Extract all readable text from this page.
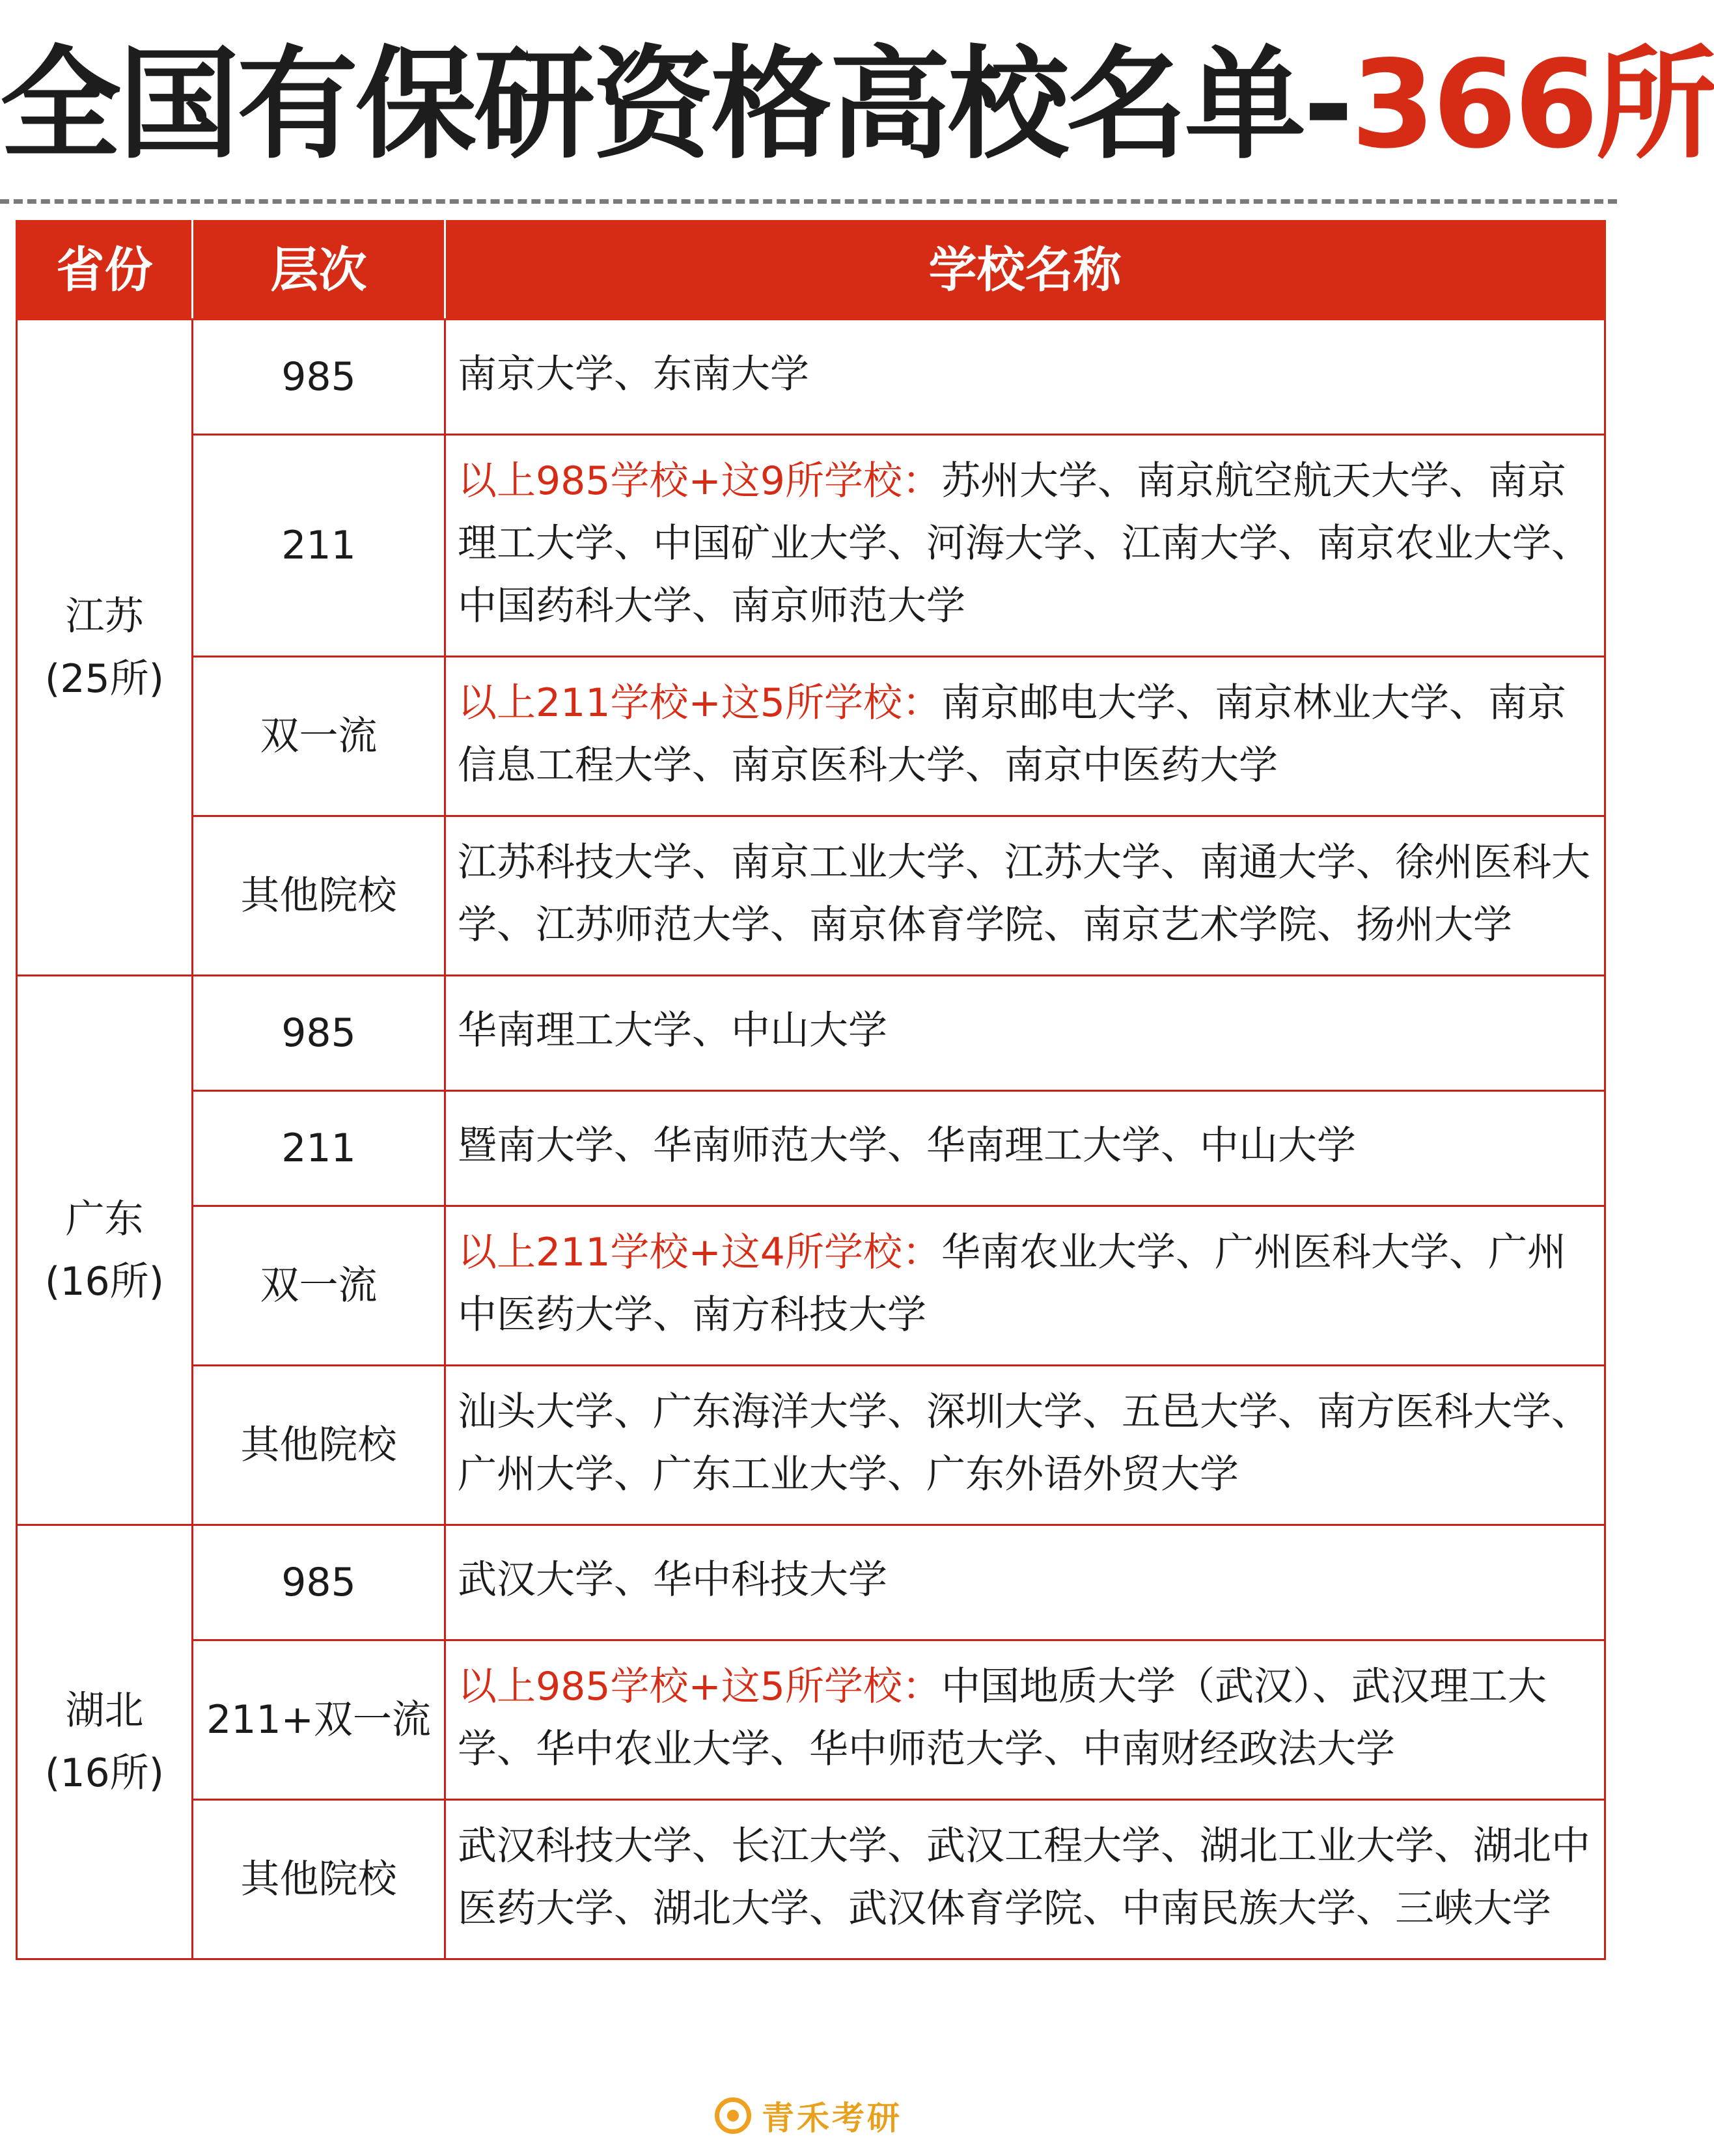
全国有保研资格高校名单-366所
省份	层次	学校名称

江苏
(25所)	985	南京大学、东南大学
	211	以上985学校+这9所学校：苏州大学、南京航空航天大学、南京理工大学、中国矿业大学、河海大学、江南大学、南京农业大学、中国药科大学、南京师范大学
	双一流	以上211学校+这5所学校：南京邮电大学、南京林业大学、南京信息工程大学、南京医科大学、南京中医药大学
	其他院校	江苏科技大学、南京工业大学、江苏大学、南通大学、徐州医科大学、江苏师范大学、南京体育学院、南京艺术学院、扬州大学

广东
(16所)	985	华南理工大学、中山大学
	211	暨南大学、华南师范大学、华南理工大学、中山大学
	双一流	以上211学校+这4所学校：华南农业大学、广州医科大学、广州中医药大学、南方科技大学
	其他院校	汕头大学、广东海洋大学、深圳大学、五邑大学、南方医科大学、广州大学、广东工业大学、广东外语外贸大学

湖北
(16所)	985	武汉大学、华中科技大学
	211+双一流	以上985学校+这5所学校：中国地质大学（武汉）、武汉理工大学、华中农业大学、华中师范大学、中南财经政法大学
	其他院校	武汉科技大学、长江大学、武汉工程大学、湖北工业大学、湖北中医药大学、湖北大学、武汉体育学院、中南民族大学、三峡大学
青禾考研
